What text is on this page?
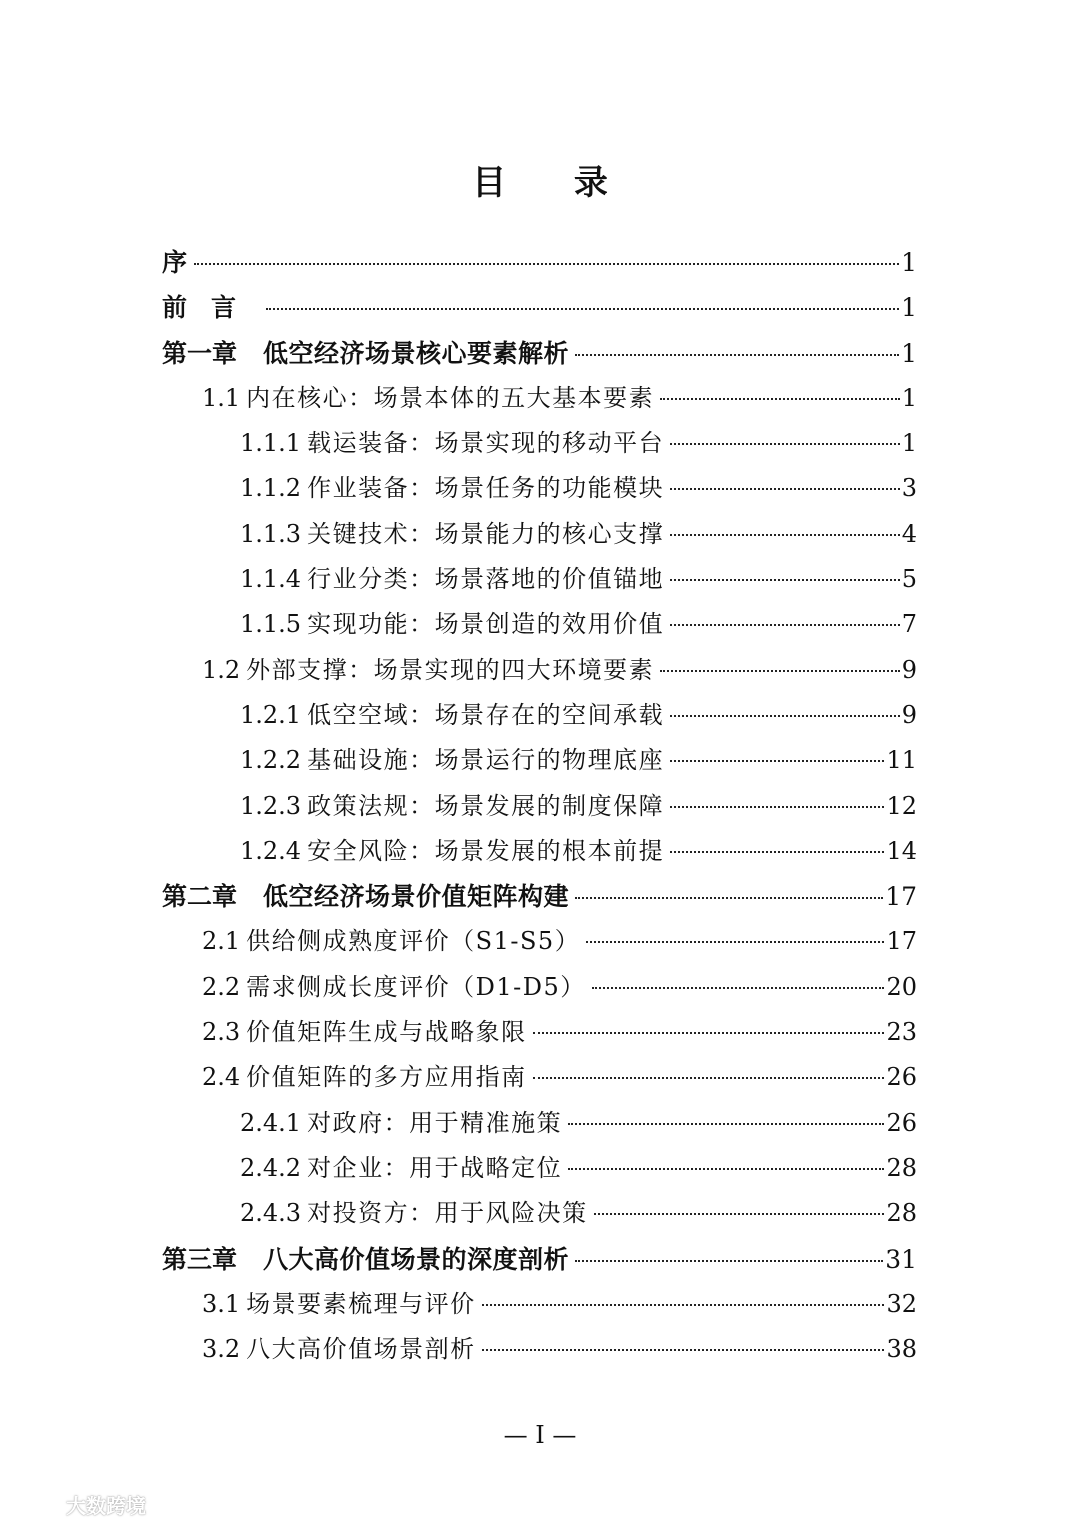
目 录
序	1
前言	1
第一章 低空经济场景核心要素解析	1
1.1 内在核心：场景本体的五大基本要素	1
1.1.1 载运装备：场景实现的移动平台	1
1.1.2 作业装备：场景任务的功能模块	3
1.1.3 关键技术：场景能力的核心支撑	4
1.1.4 行业分类：场景落地的价值锚地	5
1.1.5 实现功能：场景创造的效用价值	7
1.2 外部支撑：场景实现的四大环境要素	9
1.2.1 低空空域：场景存在的空间承载	9
1.2.2 基础设施：场景运行的物理底座	11
1.2.3 政策法规：场景发展的制度保障	12
1.2.4 安全风险：场景发展的根本前提	14
第二章 低空经济场景价值矩阵构建	17
2.1 供给侧成熟度评价（S1-S5）	17
2.2 需求侧成长度评价（D1-D5）	20
2.3 价值矩阵生成与战略象限	23
2.4 价值矩阵的多方应用指南	26
2.4.1 对政府：用于精准施策	26
2.4.2 对企业：用于战略定位	28
2.4.3 对投资方：用于风险决策	28
第三章 八大高价值场景的深度剖析	31
3.1 场景要素梳理与评价	32
3.2 八大高价值场景剖析	38
— I —
大数跨境
